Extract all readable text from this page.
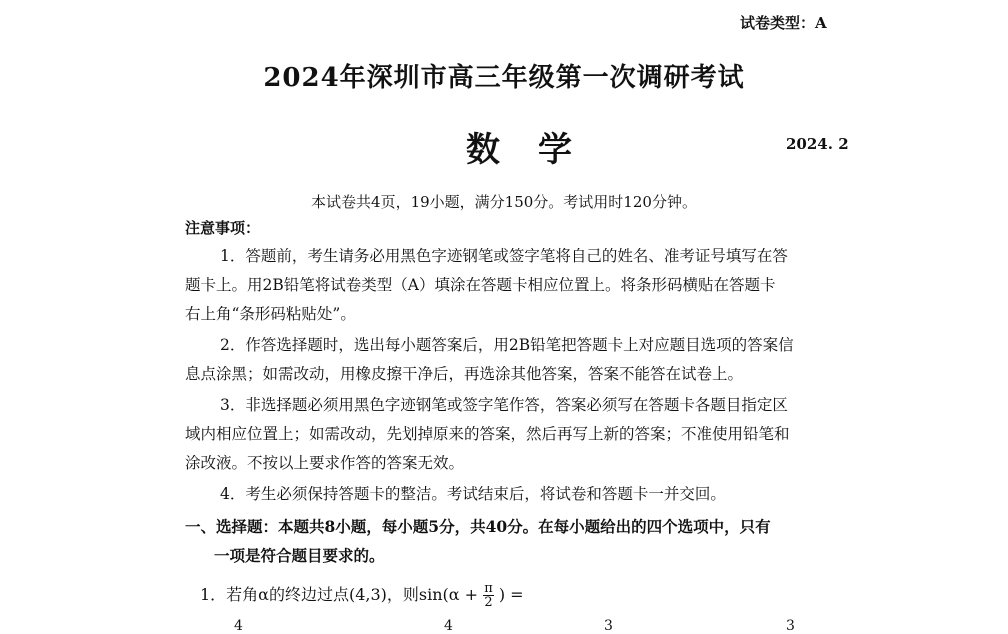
试卷类型：A
2024年深圳市高三年级第一次调研考试
数 学	2024. 2
本试卷共4页，19小题，满分150分。考试用时120分钟。
注意事项：
1．答题前，考生请务必用黑色字迹钢笔或签字笔将自己的姓名、准考证号填写在答
题卡上。用2B铅笔将试卷类型（A）填涂在答题卡相应位置上。将条形码横贴在答题卡
右上角“条形码粘贴处”。
2．作答选择题时，选出每小题答案后，用2B铅笔把答题卡上对应题目选项的答案信
息点涂黑；如需改动，用橡皮擦干净后，再选涂其他答案，答案不能答在试卷上。
3．非选择题必须用黑色字迹钢笔或签字笔作答，答案必须写在答题卡各题目指定区
域内相应位置上；如需改动，先划掉原来的答案，然后再写上新的答案；不准使用铅笔和
涂改液。不按以上要求作答的答案无效。
4．考生必须保持答题卡的整洁。考试结束后，将试卷和答题卡一并交回。
一、选择题：本题共8小题，每小题5分，共40分。在每小题给出的四个选项中，只有
一项是符合题目要求的。
1．若角α的终边过点(4,3)，则$\sin(\alpha + \frac{\pi}{2}$ ) =
4	4	3	3
